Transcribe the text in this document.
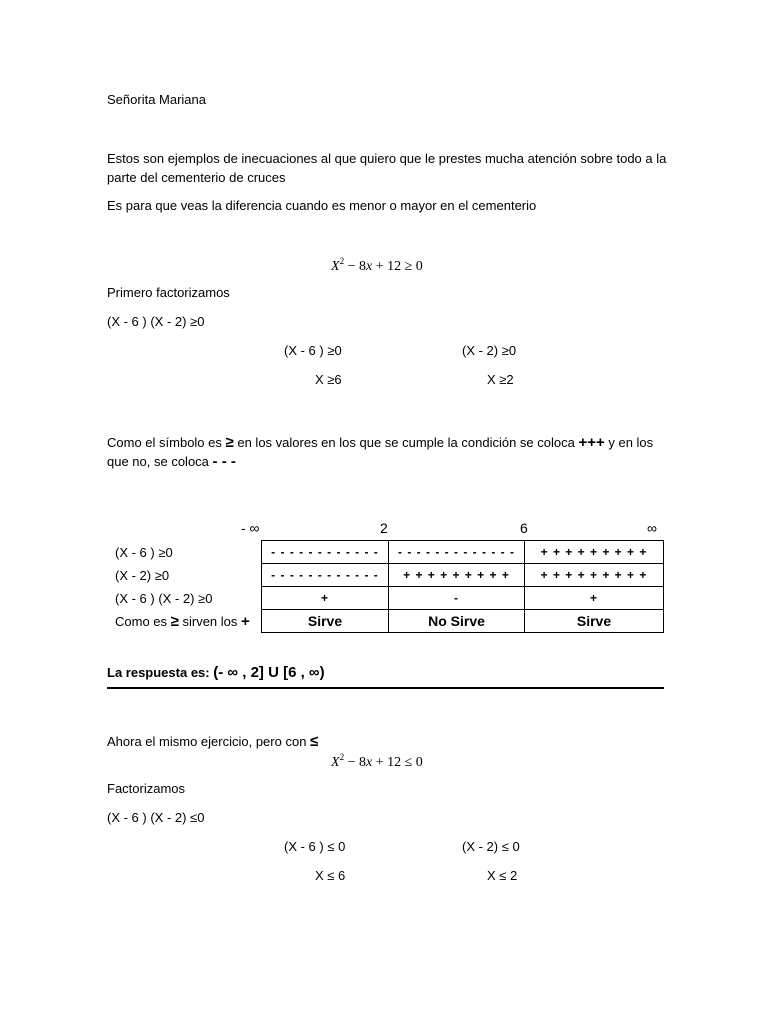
Señorita Mariana
Estos son ejemplos de inecuaciones al que quiero que le prestes mucha atención sobre todo a la parte del cementerio de cruces
Es para que veas la diferencia cuando es menor o mayor en el cementerio
$X^2 - 8x + 12 \ge 0$
Primero factorizamos
(X - 6 ) (X - 2) ≥0
(X - 6 ) ≥0	(X - 2) ≥0
X ≥6	X ≥2
Como el símbolo es ≥ en los valores en los que se cumple la condición se coloca +++ y en los que no, se coloca - - -
- ∞	2	6	∞
(X - 6 ) ≥0	- - - - - - - - - - - -	- - - - - - - - - - - - -	+ + + + + + + + +
(X - 2) ≥0	- - - - - - - - - - - -	+ + + + + + + + +	+ + + + + + + + +
(X - 6 ) (X - 2) ≥0	+	-	+
Como es ≥ sirven los +	Sirve	No Sirve	Sirve
La respuesta es: (- ∞ , 2] U [6 , ∞)
Ahora el mismo ejercicio, pero con ≤
$X^2 - 8x + 12 \le 0$
Factorizamos
(X - 6 ) (X - 2) ≤0
(X - 6 ) ≤ 0	(X - 2) ≤ 0
X ≤ 6	X ≤ 2
